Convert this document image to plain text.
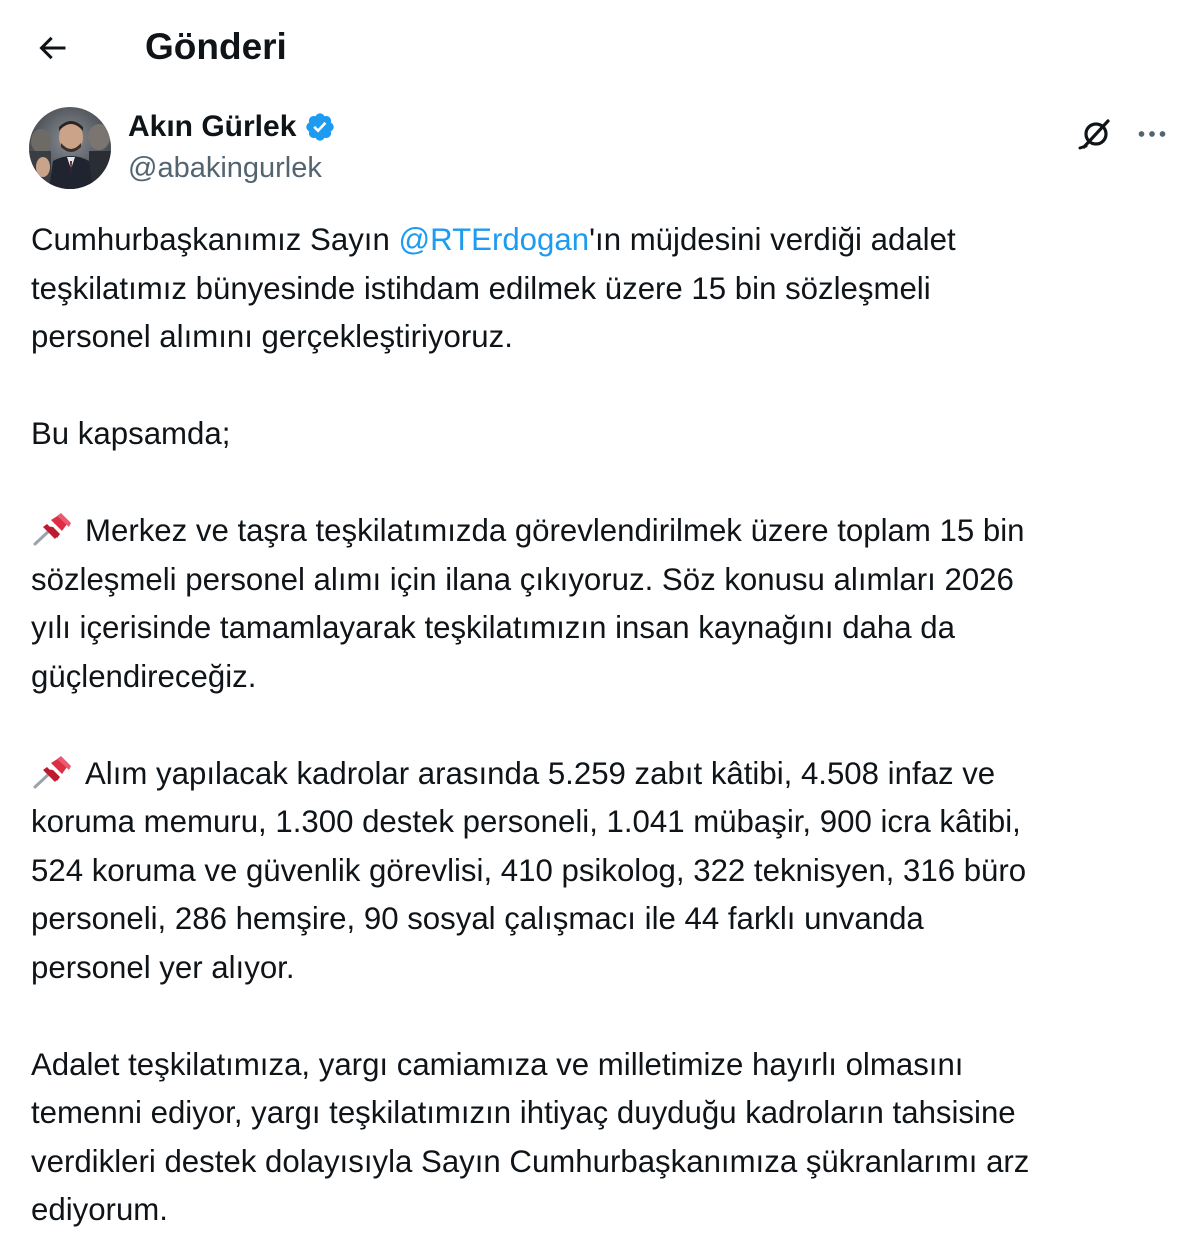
Gönderi
Akın Gürlek
@abakingurlek

Cumhurbaşkanımız Sayın @RTErdogan'ın müjdesini verdiği adalet

teşkilatımız bünyesinde istihdam edilmek üzere 15 bin sözleşmeli

personel alımını gerçekleştiriyoruz.

Bu kapsamda;

Merkez ve taşra teşkilatımızda görevlendirilmek üzere toplam 15 bin

sözleşmeli personel alımı için ilana çıkıyoruz. Söz konusu alımları 2026

yılı içerisinde tamamlayarak teşkilatımızın insan kaynağını daha da

güçlendireceğiz.

Alım yapılacak kadrolar arasında 5.259 zabıt kâtibi, 4.508 infaz ve

koruma memuru, 1.300 destek personeli, 1.041 mübaşir, 900 icra kâtibi,

524 koruma ve güvenlik görevlisi, 410 psikolog, 322 teknisyen, 316 büro

personeli, 286 hemşire, 90 sosyal çalışmacı ile 44 farklı unvanda

personel yer alıyor.

Adalet teşkilatımıza, yargı camiamıza ve milletimize hayırlı olmasını

temenni ediyor, yargı teşkilatımızın ihtiyaç duyduğu kadroların tahsisine

verdikleri destek dolayısıyla Sayın Cumhurbaşkanımıza şükranlarımı arz

ediyorum.
